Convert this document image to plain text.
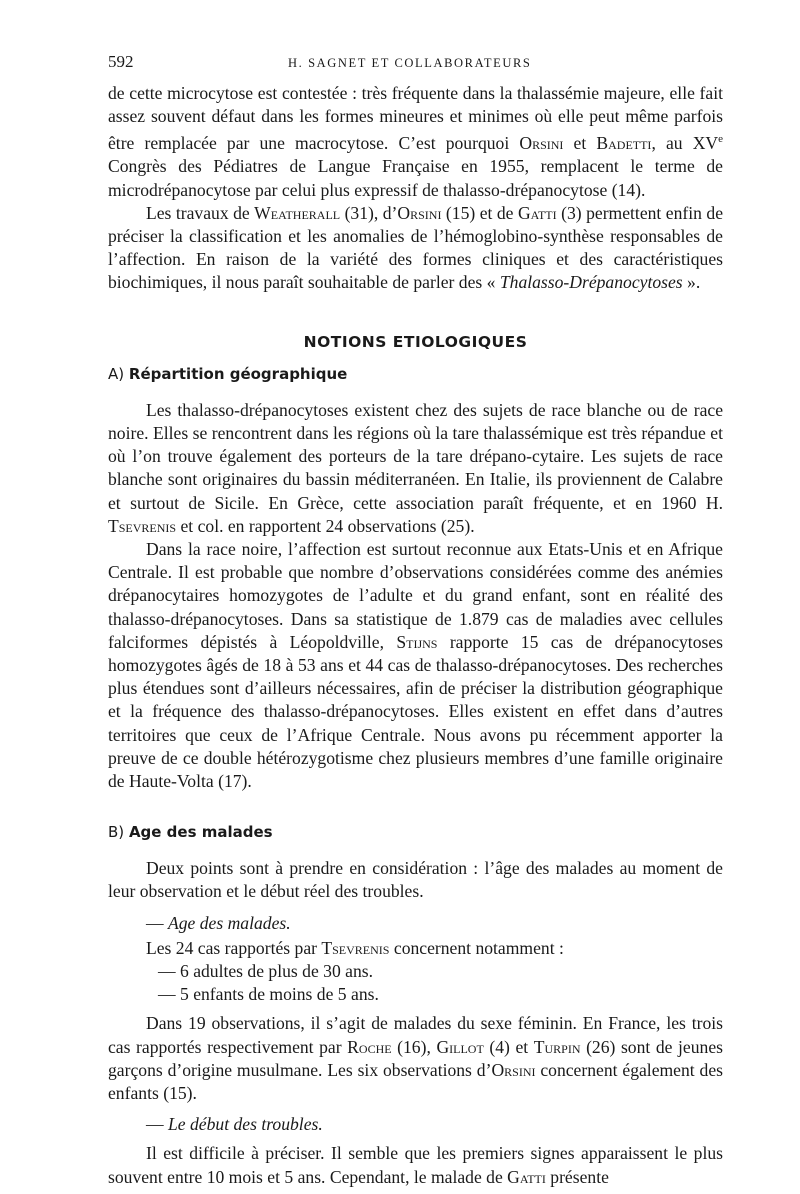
592	H. SAGNET ET COLLABORATEURS

de cette microcytose est contestée : très fréquente dans la thalassémie majeure, elle fait assez souvent défaut dans les formes mineures et minimes où elle peut même parfois être remplacée par une macrocytose. C’est pourquoi Orsini et Badetti, au XVe Congrès des Pédiatres de Langue Française en 1955, remplacent le terme de microdrépanocytose par celui plus expressif de thalasso-drépanocytose (14).

Les travaux de Weatherall (31), d’Orsini (15) et de Gatti (3) permettent enfin de préciser la classification et les anomalies de l’hémoglobino-synthèse responsables de l’affection. En raison de la variété des formes cliniques et des caractéristiques biochimiques, il nous paraît souhaitable de parler des « Thalasso-Drépanocytoses ».

NOTIONS ETIOLOGIQUES
A) Répartition géographique

Les thalasso-drépanocytoses existent chez des sujets de race blanche ou de race noire. Elles se rencontrent dans les régions où la tare thalassémique est très répandue et où l’on trouve également des porteurs de la tare drépano-cytaire. Les sujets de race blanche sont originaires du bassin méditerranéen. En Italie, ils proviennent de Calabre et surtout de Sicile. En Grèce, cette association paraît fréquente, et en 1960 H. Tsevrenis et col. en rapportent 24 observations (25).

Dans la race noire, l’affection est surtout reconnue aux Etats-Unis et en Afrique Centrale. Il est probable que nombre d’observations considérées comme des anémies drépanocytaires homozygotes de l’adulte et du grand enfant, sont en réalité des thalasso-drépanocytoses. Dans sa statistique de 1.879 cas de maladies avec cellules falciformes dépistés à Léopoldville, Stijns rapporte 15 cas de drépanocytoses homozygotes âgés de 18 à 53 ans et 44 cas de thalasso-drépanocytoses. Des recherches plus étendues sont d’ailleurs nécessaires, afin de préciser la distribution géographique et la fréquence des thalasso-drépanocytoses. Elles existent en effet dans d’autres territoires que ceux de l’Afrique Centrale. Nous avons pu récemment apporter la preuve de ce double hétérozygotisme chez plusieurs membres d’une famille originaire de Haute-Volta (17).

B) Age des malades

Deux points sont à prendre en considération : l’âge des malades au moment de leur observation et le début réel des troubles.

— Age des malades.

Les 24 cas rapportés par Tsevrenis concernent notamment :

— 6 adultes de plus de 30 ans.
— 5 enfants de moins de 5 ans.

Dans 19 observations, il s’agit de malades du sexe féminin. En France, les trois cas rapportés respectivement par Roche (16), Gillot (4) et Turpin (26) sont de jeunes garçons d’origine musulmane. Les six observations d’Orsini concernent également des enfants (15).

— Le début des troubles.

Il est difficile à préciser. Il semble que les premiers signes apparaissent le plus souvent entre 10 mois et 5 ans. Cependant, le malade de Gatti présente
